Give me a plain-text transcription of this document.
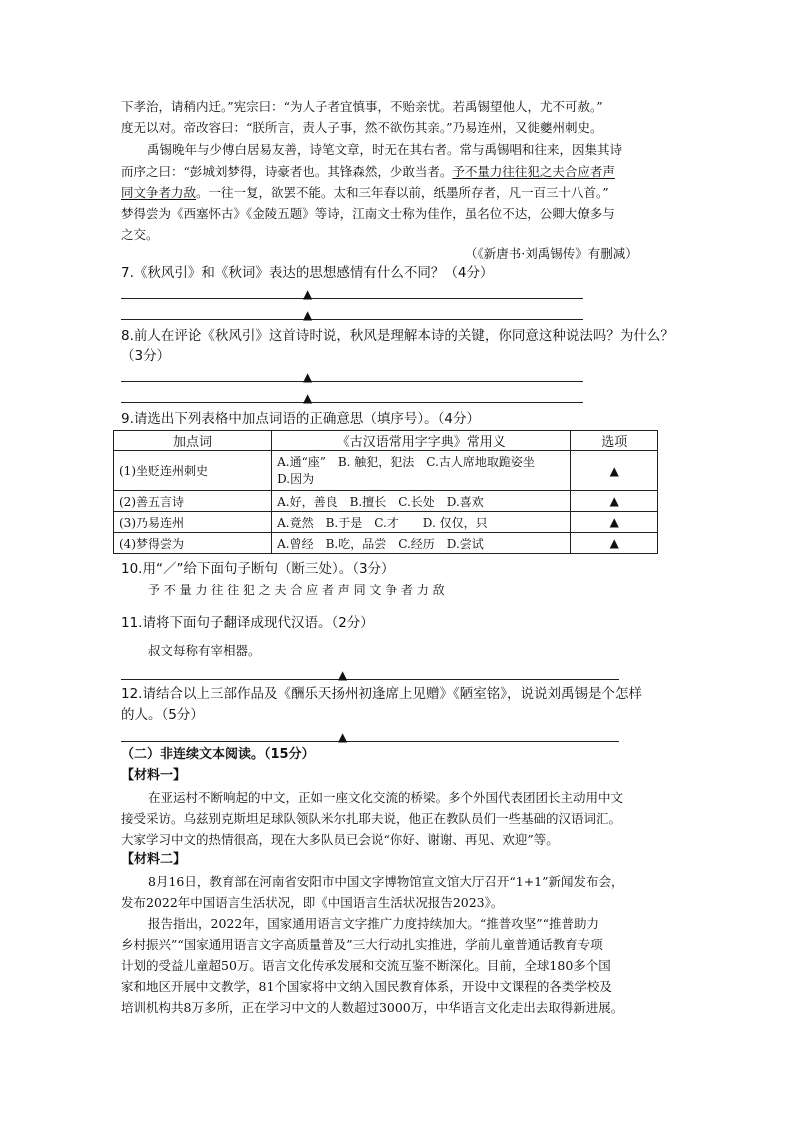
下孝治，请稍内迁。”宪宗曰：“为人子者宜慎事，不贻亲忧。若禹锡望他人，尤不可赦。”
度无以对。帝改容曰：“朕所言，责人子事，然不欲伤其亲。”乃易连州，又徙夔州刺史。
禹锡晚年与少傅白居易友善，诗笔文章，时无在其右者。常与禹锡唱和往来，因集其诗
而序之曰：“彭城刘梦得，诗豪者也。其锋森然，少敢当者。予不量力往往犯之夫合应者声
同文争者力敌。一往一复，欲罢不能。太和三年春以前，纸墨所存者，凡一百三十八首。”
梦得尝为《西塞怀古》《金陵五题》等诗，江南文士称为佳作，虽名位不达，公卿大僚多与
之交。
（《新唐书·刘禹锡传》有删减）
7.《秋风引》和《秋词》表达的思想感情有什么不同？（4分）
▲
▲
8.前人在评论《秋风引》这首诗时说，秋风是理解本诗的关键，你同意这种说法吗？为什么？
（3分）
▲
▲
9.请选出下列表格中加点词语的正确意思（填序号）。（4分）
加点词	《古汉语常用字字典》常用义	选项
(1)坐贬连州刺史	A.通“座”　B. 触犯，犯法　C.古人席地取跪姿坐　　D.因为	▲
(2)善五言诗	A.好，善良　B.擅长　C.长处　D.喜欢	▲
(3)乃易连州	A.竟然　B.于是　C.才　　D. 仅仅，只	▲
(4)梦得尝为	A.曾经　B.吃，品尝　C.经历　D.尝试	▲
10.用“／”给下面句子断句（断三处）。（3分）
予 不 量 力 往 往 犯 之 夫 合 应 者 声 同 文 争 者 力 敌
11.请将下面句子翻译成现代汉语。（2分）
叔文每称有宰相器。
▲
12.请结合以上三部作品及《酬乐天扬州初逢席上见赠》《陋室铭》，说说刘禹锡是个怎样
的人。（5分）
▲
（二）非连续文本阅读。（15分）
【材料一】
在亚运村不断响起的中文，正如一座文化交流的桥梁。多个外国代表团团长主动用中文
接受采访。乌兹别克斯坦足球队领队米尔扎耶夫说，他正在教队员们一些基础的汉语词汇。
大家学习中文的热情很高，现在大多队员已会说“你好、谢谢、再见、欢迎”等。
【材料二】
8月16日，教育部在河南省安阳市中国文字博物馆宣文馆大厅召开“1+1”新闻发布会，
发布2022年中国语言生活状况，即《中国语言生活状况报告2023》。
报告指出，2022年，国家通用语言文字推广力度持续加大。“推普攻坚”“推普助力
乡村振兴”“国家通用语言文字高质量普及”三大行动扎实推进，学前儿童普通话教育专项
计划的受益儿童超50万。语言文化传承发展和交流互鉴不断深化。目前，全球180多个国
家和地区开展中文教学，81个国家将中文纳入国民教育体系，开设中文课程的各类学校及
培训机构共8万多所，正在学习中文的人数超过3000万，中华语言文化走出去取得新进展。
